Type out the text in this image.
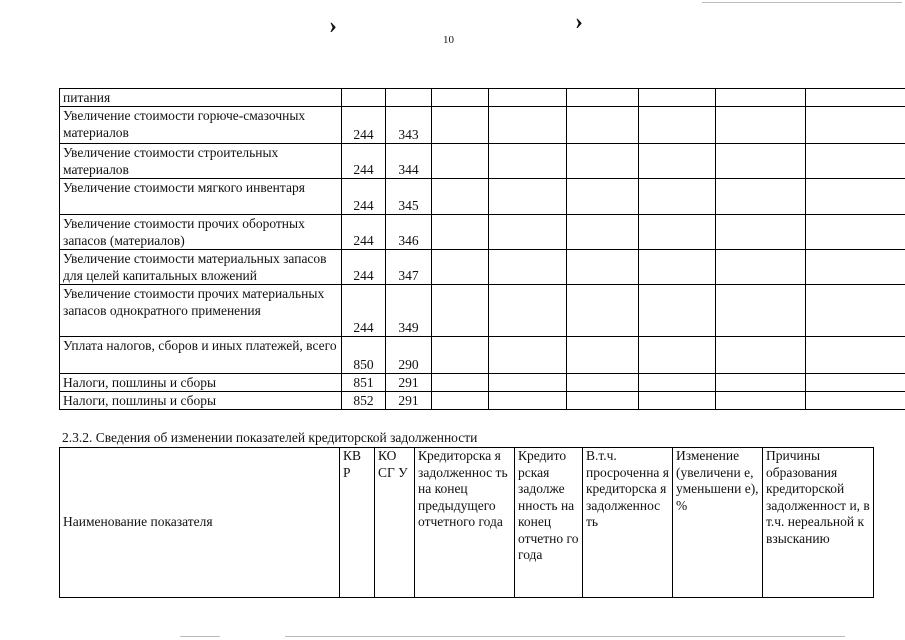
›	›
10
питания								
Увеличение стоимости горюче-смазочных материалов	244	343						
Увеличение стоимости строительных материалов	244	344						
Увеличение стоимости мягкого инвентаря	244	345						
Увеличение стоимости прочих оборотных запасов (материалов)	244	346						
Увеличение стоимости материальных запасов для целей капитальных вложений	244	347						
Увеличение стоимости прочих материальных запасов однократного применения	244	349						
Уплата налогов, сборов и иных платежей, всего	850	290						
Налоги, пошлины и сборы	851	291						
Налоги, пошлины и сборы	852	291						
2.3.2. Сведения об изменении показателей кредиторской задолженности
Наименование показателя	КВ Р	КО СГ У	Кредиторска я задолженнос ть на конец предыдущего отчетного года	Кредито рская задолже нность на конец отчетно го года	В.т.ч. просроченна я кредиторска я задолженнос ть	Изменение (увеличени е, уменьшени е), %	Причины образования кредиторской задолженност и, в т.ч. нереальной к взысканию
